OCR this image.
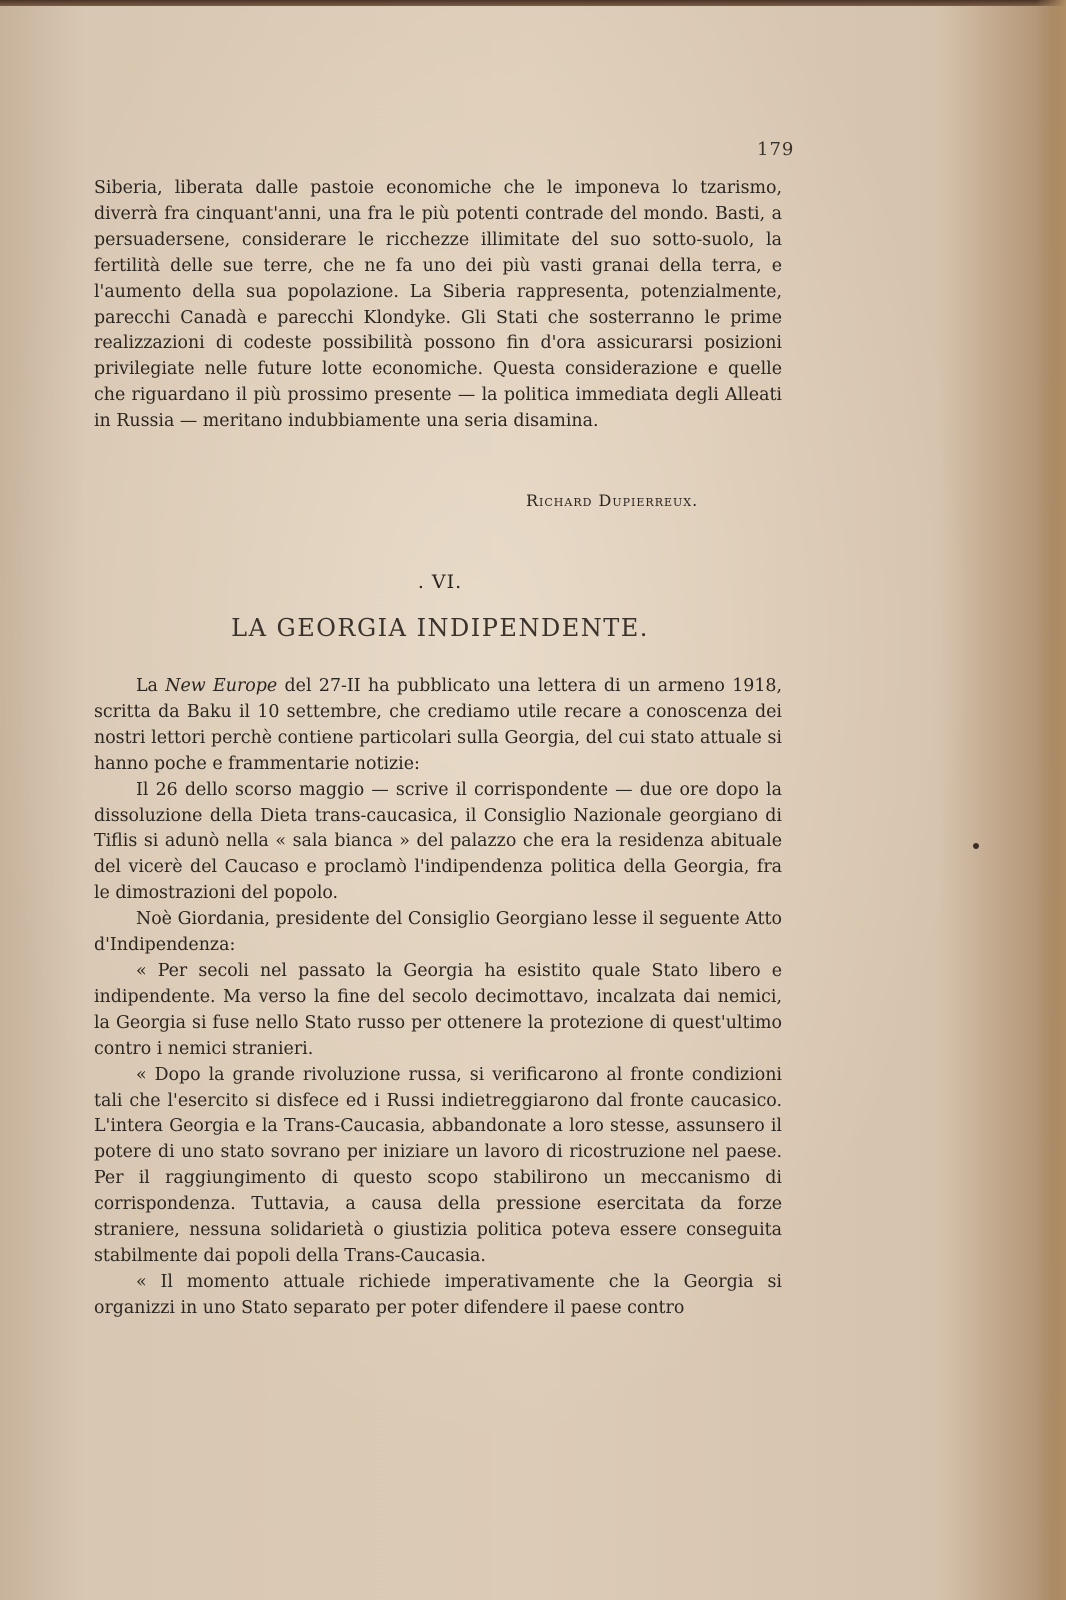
179

Siberia, liberata dalle pastoie economiche che le imponeva lo tzarismo, diverrà fra cinquant'anni, una fra le più potenti contrade del mondo. Basti, a persuadersene, considerare le ricchezze illimitate del suo sotto-suolo, la fertilità delle sue terre, che ne fa uno dei più vasti granai della terra, e l'aumento della sua popolazione. La Siberia rappresenta, potenzialmente, parecchi Canadà e parecchi Klondyke. Gli Stati che sosterranno le prime realizzazioni di codeste possibilità possono fin d'ora assicurarsi posizioni privilegiate nelle future lotte economiche. Questa considerazione e quelle che riguardano il più prossimo presente — la politica immediata degli Alleati in Russia — meritano indubbiamente una seria disamina.

Richard Dupierreux.
. VI.
LA GEORGIA INDIPENDENTE.

La New Europe del 27-II ha pubblicato una lettera di un armeno 1918, scritta da Baku il 10 settembre, che crediamo utile recare a conoscenza dei nostri lettori perchè contiene particolari sulla Georgia, del cui stato attuale si hanno poche e frammentarie notizie:

Il 26 dello scorso maggio — scrive il corrispondente — due ore dopo la dissoluzione della Dieta trans-caucasica, il Consiglio Nazionale georgiano di Tiflis si adunò nella « sala bianca » del palazzo che era la residenza abituale del vicerè del Caucaso e proclamò l'indipendenza politica della Georgia, fra le dimostrazioni del popolo.

Noè Giordania, presidente del Consiglio Georgiano lesse il seguente Atto d'Indipendenza:

« Per secoli nel passato la Georgia ha esistito quale Stato libero e indipendente. Ma verso la fine del secolo decimottavo, incalzata dai nemici, la Georgia si fuse nello Stato russo per ottenere la protezione di quest'ultimo contro i nemici stranieri.

« Dopo la grande rivoluzione russa, si verificarono al fronte condizioni tali che l'esercito si disfece ed i Russi indietreggiarono dal fronte caucasico. L'intera Georgia e la Trans-Caucasia, abbandonate a loro stesse, assunsero il potere di uno stato sovrano per iniziare un lavoro di ricostruzione nel paese. Per il raggiungimento di questo scopo stabilirono un meccanismo di corrispondenza. Tuttavia, a causa della pressione esercitata da forze straniere, nessuna solidarietà o giustizia politica poteva essere conseguita stabilmente dai popoli della Trans-Caucasia.

« Il momento attuale richiede imperativamente che la Georgia si organizzi in uno Stato separato per poter difendere il paese contro
